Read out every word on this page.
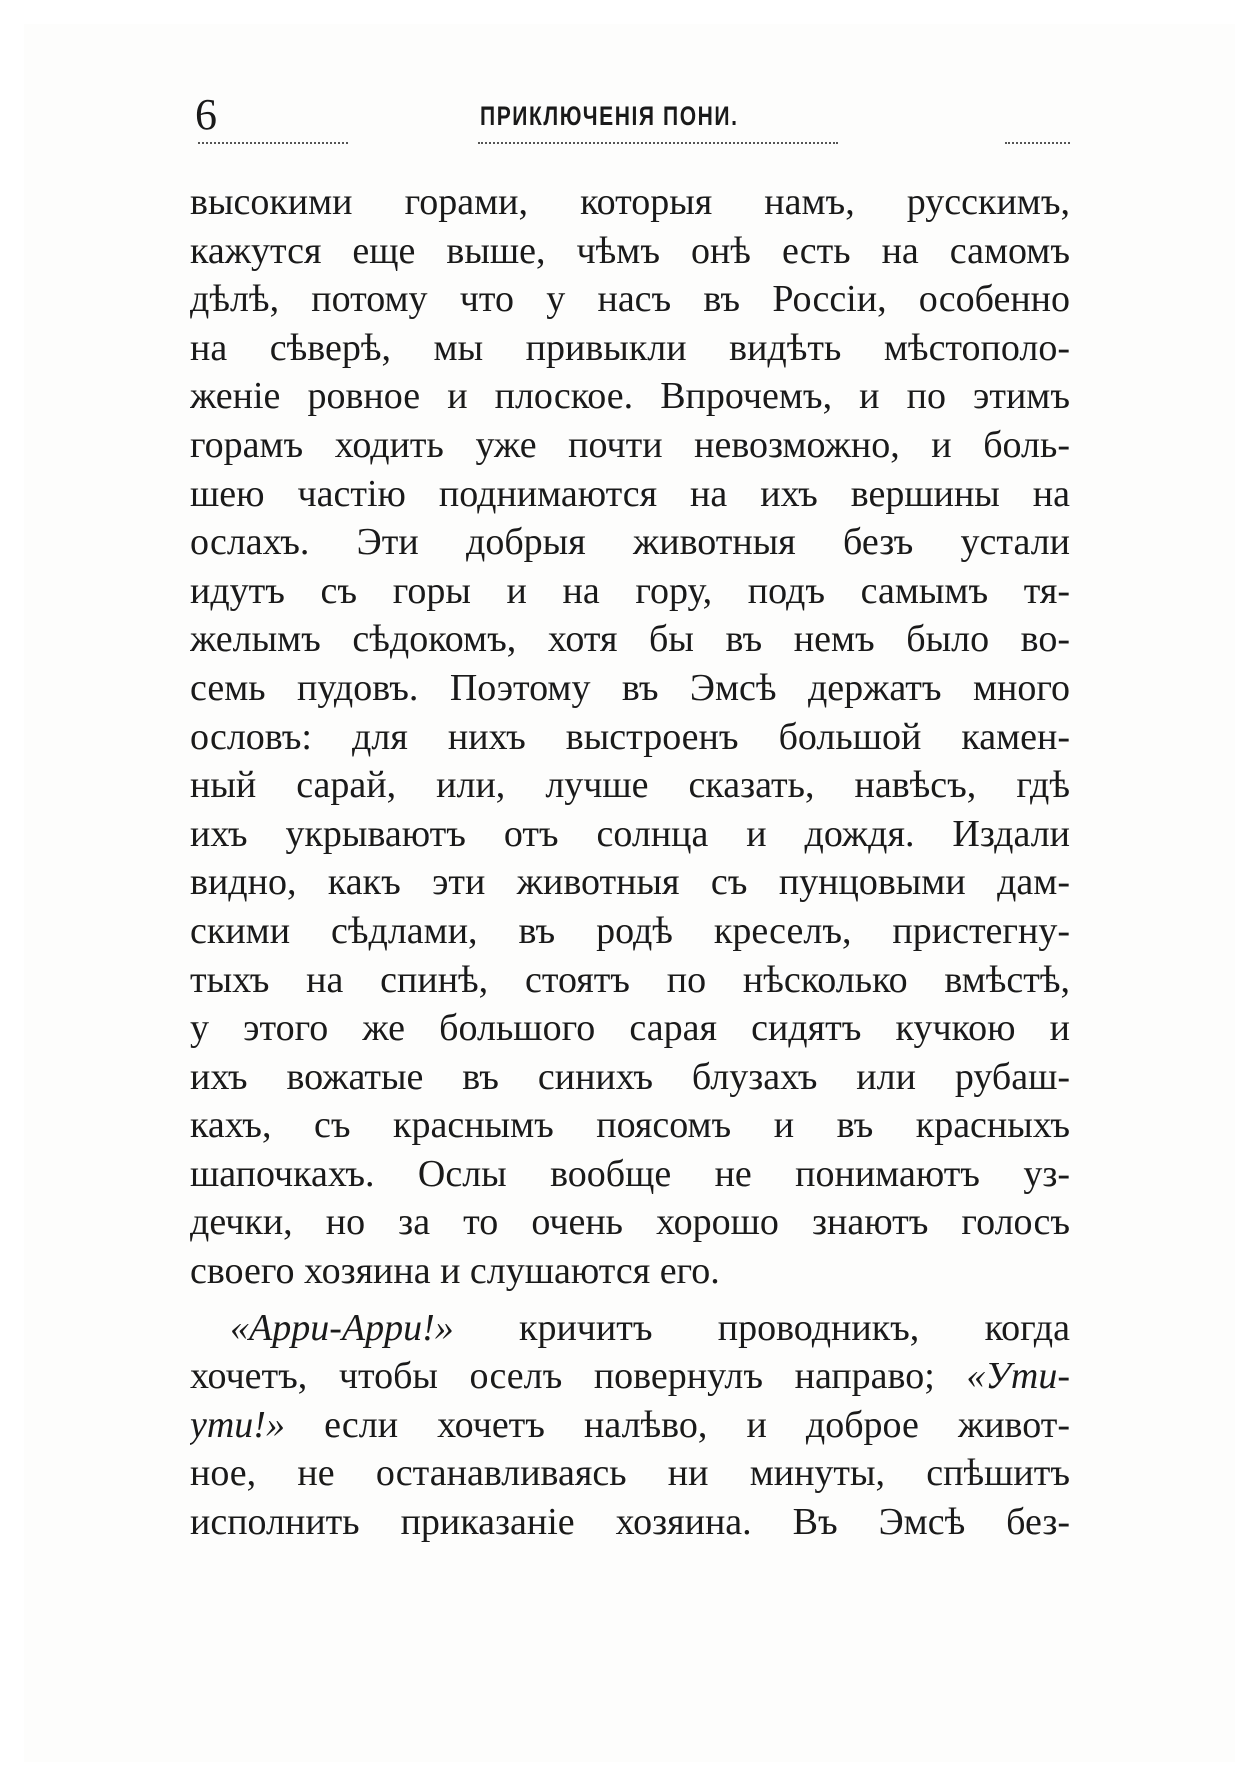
6	ПРИКЛЮЧЕНІЯ ПОНИ.
высокими горами, которыя намъ, русскимъ,
кажутся еще выше, чѣмъ онѣ есть на самомъ
дѣлѣ, потому что у насъ въ Россіи, особенно
на сѣверѣ, мы привыкли видѣть мѣстополо-
женіе ровное и плоское. Впрочемъ, и по этимъ
горамъ ходить уже почти невозможно, и боль-
шею частію поднимаются на ихъ вершины на
ослахъ. Эти добрыя животныя безъ устали
идутъ съ горы и на гору, подъ самымъ тя-
желымъ сѣдокомъ, хотя бы въ немъ было во-
семь пудовъ. Поэтому въ Эмсѣ держатъ много
ословъ: для нихъ выстроенъ большой камен-
ный сарай, или, лучше сказать, навѣсъ, гдѣ
ихъ укрываютъ отъ солнца и дождя. Издали
видно, какъ эти животныя съ пунцовыми дам-
скими сѣдлами, въ родѣ креселъ, пристегну-
тыхъ на спинѣ, стоятъ по нѣсколько вмѣстѣ,
у этого же большого сарая сидятъ кучкою и
ихъ вожатые въ синихъ блузахъ или рубаш-
кахъ, съ краснымъ поясомъ и въ красныхъ
шапочкахъ. Ослы вообще не понимаютъ уз-
дечки, но за то очень хорошо знаютъ голосъ
своего хозяина и слушаются его.
«Арри-Арри!» кричитъ проводникъ, когда
хочетъ, чтобы оселъ повернулъ направо; «Ути-
ути!» если хочетъ налѣво, и доброе живот-
ное, не останавливаясь ни минуты, спѣшитъ
исполнить приказаніе хозяина. Въ Эмсѣ без-
